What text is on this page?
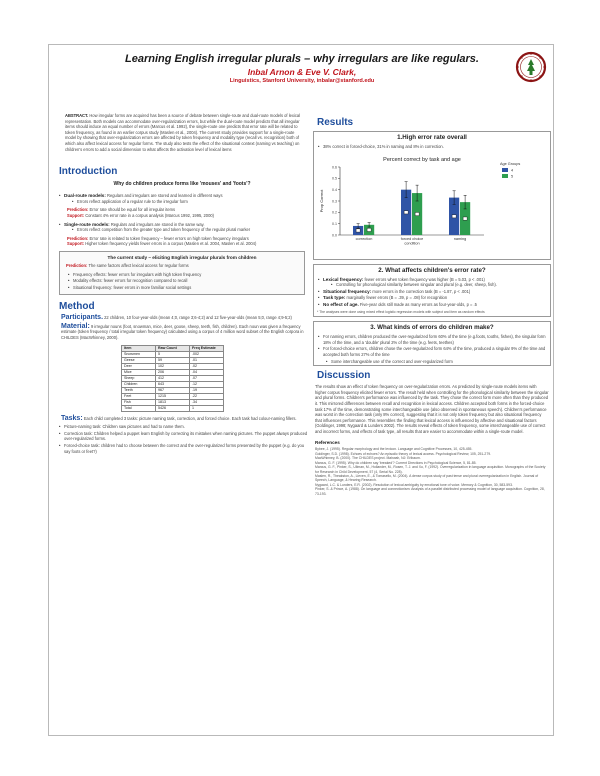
Learning English irregular plurals – why irregulars are like regulars.
Inbal Arnon & Eve V. Clark,
Linguistics, Stanford University, inbalar@stanford.edu
ABSTRACT. How irregular forms are acquired has been a source of debate between single-route and dual-route models of lexical representation. Both models can accommodate over-regularization errors, but while the dual-route model predicts that all irregular items should induce an equal number of errors (Marcus et al. 1992), the single-route one predicts that error rate will be related to token frequency, as found in an earlier corpus study (Maslen et al., 2004). The current study provides support for a single-route model by showing that over-regularization errors are affected by token frequency and modality type (recall vs. recognition) both of which also affect lexical access for regular forms. The study also tests the effect of the situational context (naming vs teaching) on children's errors to add a social dimension to what affects the activation level of lexical items
Introduction
Why do children produce forms like 'mouses' and 'foots'?
• Dual-route models: Regulars and irregulars are stored and learned in different ways
• Errors reflect application of a regular rule to the irregular form
Prediction: Error rate should be equal for all irregular items
Support: Constant 4% error rate in a corpus analysis (Marcus 1992, 1995, 2000)
• Single-route models: Regulars and irregulars are stored in the same way.
• Errors reflect competition from the greater type and token frequency of the regular plural marker
Prediction: Error rate is related to token frequency – fewer errors on high token frequency irregulars
Support: Higher token frequency yields fewer errors in a corpus (Maslen et al. 2004, Maslen et al. 2004)
The current study – eliciting English irregular plurals from children
Prediction: The same factors affect lexical access for regular forms
• Frequency effects: fewer errors for irregulars with high token frequency
• Modality effects: fewer errors for recognition compared to recall
• Situational frequency: fewer errors in more familiar social settings
Method
Participants. 22 children, 10 four-year-olds (mean 4;0, range 3;6-4;2) and 12 five-year-olds (mean 5;0, range 4;9-5;2)
Material: 9 irregular nouns (foot, snowman, mice, deer, goose, sheep, teeth, fish, children). Each noun was given a frequency estimate (token frequency / total irregular token frequency) calculated using a corpus of 4 million word subset of the English corpora in CHILDES (MacWhinney, 2000).
Item	Raw Count	Freq Estimate
Snowmen	5	.002
Geese	59	.01
Deer	102	.02
Mice	206	.04
Sheep	412	.07
Children	643	.12
Teeth	967	.19
Feet	1215	.22
Fish	1813	.34
Total	5426	1
Tasks: Each child completed 3 tasks: picture naming task, correction, and forced choice. Each task had colour-naming fillers.
• Picture-naming task: Children saw pictures and had to name them.
• Correction task: Children helped a puppet learn English by correcting its mistakes when naming pictures. The puppet always produced over-regularized forms.
• Forced-choice task: children had to choose between the correct and the over-regularized forms presented by the puppet (e.g. do you say foots or feet?)
Results
1.High error rate overall
• 38% correct in forced-choice, 31% in naming and 8% in correction.
Percent correct by task and age
0.0
0.1
0.2
0.3
0.4
0.5
0.6
Prop Correct
correction	forced choice
condition
naming
Age Groups
4
5
2. What affects children's error rate?
• Lexical frequency: fewer errors when token frequency was higher (B = 5.03, p < .001)
• Controlling for phonological similarity between singular and plural (e.g. deer, sheep, fish).
• Situational frequency: more errors in the correction task (B = -1.87, p < .001)
• Task type: marginally fewer errors (B = .39, p = .08) for recognition
• No effect of age. Five-year olds still made as many errors as four-year-olds, p = .5
* The analyses were done using mixed effect logistic regression models with subject and item as random effects
3. What kinds of errors do children make?
• For naming errors, children produced the over-regularized form 60% of the time (e.g.foots, tooths, fishes), the singular form 18% of the time, and a 'double' plural 2% of the time (e.g. feets, teethes)
• For forced-choice errors, children chose the over-regularized form 64% of the time, produced a singular 9% of the time and accepted both forms 27% of the time
• Some interchangeable use of the correct and over-regularized form
Discussion
The results show an effect of token frequency on over-regularization errors. As predicted by single-route models items with higher corpus frequency elicited fewer errors. The result held when controlling for the phonological similarity between the singular and plural forms. Children's performance was influenced by the task. They chose the correct form more often than they produced it. This mirrored differences between recall and recognition in lexical access. Children accepted both forms in the forced-choice task 17% of the time, demonstrating some interchangeable use (also observed in spontaneous speech). Children's performance was worst in the correction task (only 8% correct), suggesting that it is not only token frequency but also situational frequency that influences performance. This resembles the finding that lexical access is influenced by affective and situational factors (Goldinger, 1998; Nygaard & Lunders 2002). The results reveal effects of token frequency, some interchangeable use of correct and incorrect forms, and effects of task type, all results that are easier to accommodate within a single-route model.
References
Bybee, J. (1995). Regular morphology and the lexicon. Language and Cognitive Processes, 10, 425-455.
Goldinger, S.D. (1998). Echoes of echoes? An episodic theory of lexical access. Psychological Review, 105, 251-279.
MacWhinney, B. (2000). The CHILDES project. Mahwah, NJ: Erlbaum.
Marcus, G. F. (1995). Why do children say 'breaked'? Current Directions in Psychological Science, 5, 81-85.
Marcus, G. F., Pinker, S., Ullman, M., Hollander, M., Rosen, T. J. and Xu, F. (1992). Overregularization in language acquisition. Monographs of the Society for Research in Child Development, 57 (4, Serial No. 228).
Maslen, R., Theakston, A., Lieven, E., & Tomasello, M. (2004). A dense corpus study of past tense and plural overregularization in English. Journal of Speech, Language, & Hearing Research.
Nygaard, L.C. & Lunders, E.R. (2002). Resolution of lexical ambiguity by emotional tone of voice. Memory & Cognition, 30, 583-593.
Pinker, S. & Prince, A. (1988). On language and connectionism: Analysis of a parallel distributed processing model of language acquisition. Cognition, 28, 73-193.
